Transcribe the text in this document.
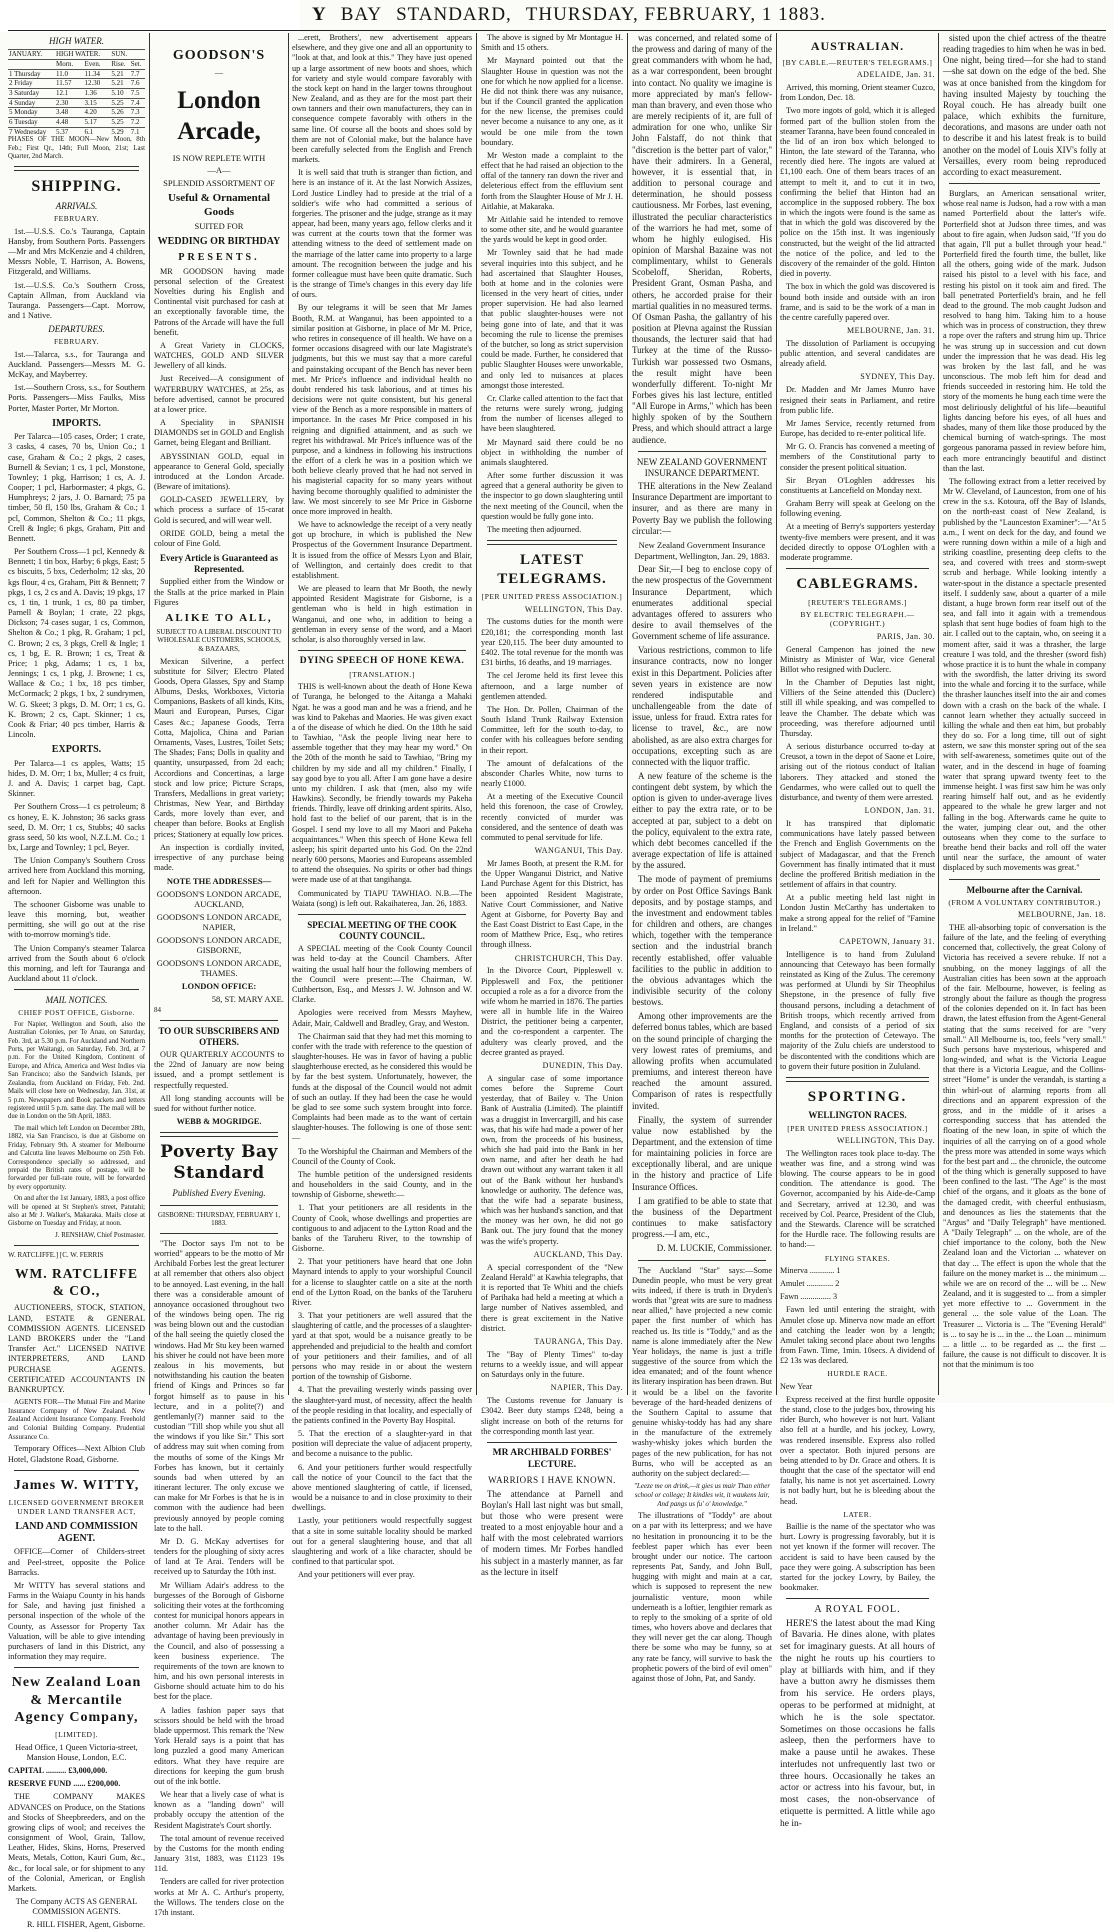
Y BAY STANDARD, THURSDAY, FEBRUARY, 1 1883.
HIGH WATER.
JANUARY.	HIGH WATER.		SUN.	
	Morn.	Even.	Rise.	Set.
1 Thursday	11.0	11.34	5.21	7.7
2 Friday	11.57	12.30	5.21	7.6
3 Saturday	12.1	1.36	5.10	7.5
4 Sunday	2.30	3.15	5.25	7.4
5 Monday	3.48	4.20	5.26	7.3
6 Tuesday	4.48	5.17	5.25	7.2
7 Wednesday	5.37	6.1	5.29	7.1

PHASES OF THE MOON—New Moon, 8th Feb.; First Qr., 14th; Full Moon, 21st; Last Quarter, 2nd March.

SHIPPING.
ARRIVALS.
FEBRUARY.

1st.—U.S.S. Co.'s Tauranga, Captain Hansby, from Southern Ports. Passengers—Mr and Mrs McKenzie and 4 children, Messrs Noble, T. Harrison, A. Bowens, Fitzgerald, and Williams.

1st.—U.S.S. Co.'s Southern Cross, Captain Allman, from Auckland via Tauranga. Passengers—Capt. Morrow, and 1 Native.

DEPARTURES.
FEBRUARY.

1st.—Talarca, s.s., for Tauranga and Auckland. Passengers—Messrs M. G. McKay, and Mayberrey.

1st.—Southern Cross, s.s., for Southern Ports. Passengers—Miss Faulks, Miss Porter, Master Porter, Mr Morton.

IMPORTS.

Per Talarca—105 cases, Order; 1 crate, 3 casks, 4 cases, 70 bs, Union Co.; 1 case, Graham & Co.; 2 pkgs, 2 cases, Burnell & Sevian; 1 cs, 1 pcl, Monstone, Townley; 1 pkg, Harrison; 1 cs, A. J. Cooper; 1 pcl, Harbormaster; 4 pkgs, G. Humphreys; 2 jars, J. O. Barnard; 75 pa timber, 50 fl, 150 lbs, Graham & Co.; 1 pcl, Common, Shelton & Co.; 11 pkgs, Crell & Ingle; 6 pkgs, Graham, Pitt and Bennett.

Per Southern Cross—1 pcl, Kennedy & Bennett; 1 tin box, Harby; 6 pkgs, East; 5 cs biscuits, 5 bxs, Cederholm; 12 sks, 20 kgs flour, 4 cs, Graham, Pitt & Bennett; 7 pkgs, 1 cs, 2 cs and A. Davis; 19 pkgs, 17 cs, 1 tin, 1 trunk, 1 cs, 80 pa timber, Parnell & Boylan; 1 crate, 22 pkgs, Dickson; 74 cases sugar, 1 cs, Common, Shelton & Co.; 1 pkg, R. Graham; 1 pcl, C. Brown; 2 cs, 3 pkgs, Crell & Ingle; 1 cs, 1 bg, E. R. Brown; 1 cs, Treat & Price; 1 pkg, Adams; 1 cs, 1 bx, Jennings; 1 cs, 1 pkg, J. Browne; 1 cs, Wallace & Co.; 1 bx, 18 pcs timber, McCormack; 2 pkgs, 1 bx, 2 sundrymen, W. G. Skeet; 3 pkgs, D. M. Orr; 1 cs, G. K. Brown; 2 cs, Capt. Skinner; 1 cs, Cook & Friar; 40 pcs timber, Harris & Lincoln.

EXPORTS.

Per Talarca—1 cs apples, Watts; 15 hides, D. M. Orr; 1 bx, Muller; 4 cs fruit, J. and A. Davis; 1 carpet bag, Capt. Skinner.

Per Southern Cross—1 cs petroleum; 8 cs honey, E. K. Johnston; 36 sacks grass seed, D. M. Orr; 1 cs, Stubbs; 40 sacks grass seed, 50 kts wool, N.Z.L.M. Co.; 1 bx, Large and Townley; 1 pcl, Beyer.

The Union Company's Southern Cross arrived here from Auckland this morning, and left for Napier and Wellington this afternoon.

The schooner Gisborne was unable to leave this morning, but, weather permitting, she will go out at the rise with to-morrow morning's tide.

The Union Company's steamer Talarca arrived from the South about 6 o'clock this morning, and left for Tauranga and Auckland about 11 o'clock.

MAIL NOTICES.
CHIEF POST OFFICE, Gisborne.

For Napier, Wellington and South, also the Australian Colonies, per Te Anau, on Saturday, Feb. 3rd, at 5.30 p.m. For Auckland and Northern Ports, per Waitangi, on Saturday, Feb. 3rd, at 7 p.m. For the United Kingdom, Continent of Europe, and Africa, America and West Indies via San Francisco; also the Sandwich Islands, per Zealandia, from Auckland on Friday, Feb. 2nd. Mails will close here on Wednesday, Jan. 31st, at 5 p.m. Newspapers and Book packets and letters registered until 5 p.m. same day. The mail will be due in London on the 5th April, 1883.

The mail which left London on December 28th, 1882, via San Francisco, is due at Gisborne on Friday, February 9th. A steamer for Melbourne and Calcutta line leaves Melbourne on 25th Feb. Correspondence specially so addressed, and prepaid the British rates of postage, will be forwarded per full-rate route, will be forwarded by every opportunity.

On and after the 1st January, 1883, a post office will be opened at St Stephen's street, Patutahi; also at Mr J. Walker's, Makaraka. Mails close at Gisborne on Tuesday and Friday, at noon.

J. RENSHAW, Chief Postmaster.

W. RATCLIFFE.] [C. W. FERRIS

WM. RATCLIFFE & CO.,

AUCTIONEERS, STOCK, STATION, LAND, ESTATE & GENERAL COMMISSION AGENTS. LICENSED LAND BROKERS under the "Land Transfer Act." LICENSED NATIVE INTERPRETERS, AND LAND PURCHASE AGENTS. CERTIFICATED ACCOUNTANTS IN BANKRUPTCY.

AGENTS FOR—The Mutual Fire and Marine Insurance Company of New Zealand. New Zealand Accident Insurance Company. Freehold and Colonial Building Company. Prudential Assurance Co.

Temporary Offices—Next Albion Club Hotel, Gladstone Road, Gisborne.

James W. WITTY,
LICENSED GOVERNMENT BROKER UNDER LAND TRANSFER ACT,
LAND AND COMMISSION AGENT.

OFFICE—Corner of Childers-street and Peel-street, opposite the Police Barracks.

Mr WITTY has several stations and Farms in the Waiapu County in his hands for Sale, and having just finished a personal inspection of the whole of the County, as Assessor for Property Tax Valuation, will be able to give intending purchasers of land in this District, any information they may require.

New Zealand Loan & Mercantile Agency Company,
[LIMITED].

Head Office, 1 Queen Victoria-street, Mansion House, London, E.C.

CAPITAL .......... £3,000,000.

RESERVE FUND ...... £200,000.

THE COMPANY MAKES ADVANCES on Produce, on the Stations and Stocks of Sheepbreeders, and on the growing clips of wool; and receives the consignment of Wool, Grain, Tallow, Leather, Hides, Skins, Horns, Preserved Meats, Metals, Cotton, Kauri Gum, &c., &c., for local sale, or for shipment to any of the Colonial, American, or English Markets.

The Company ACTS AS GENERAL COMMISSION AGENTS.

R. HILL FISHER, Agent, Gisborne.

GOODSON'S
—
London Arcade,
IS NOW REPLETE WITH
—A—
SPLENDID ASSORTMENT OF
Useful & Ornamental Goods
SUITED FOR
WEDDING OR BIRTHDAY
PRESENTS.

MR GOODSON having made personal selection of the Greatest Novelties during his English and Continental visit purchased for cash at an exceptionally favorable time, the Patrons of the Arcade will have the full benefit.

A Great Variety in CLOCKS, WATCHES, GOLD AND SILVER Jewellery of all kinds.

Just Received—A consignment of WATERBURY WATCHES, at 25s, as before advertised, cannot be procured at a lower price.

A Speciality in SPANISH DIAMONDS set in GOLD and English Garnet, being Elegant and Brilliant.

ABYSSINIAN GOLD, equal in appearance to General Gold, specially introduced at the London Arcade. (Beware of imitations).

GOLD-CASED JEWELLERY, by which process a surface of 15-carat Gold is secured, and will wear well.

ORIDE GOLD, being a metal the colour of Fine Gold.

Every Article is Guaranteed as Represented.

Supplied either from the Window or the Stalls at the price marked in Plain Figures

ALIKE TO ALL,

SUBJECT TO A LIBERAL DISCOUNT TO WHOLESALE CUSTOMERS, SCHOOLS, & BAZAARS,

Mexican Silverine, a perfect substitute for Silver; Electro Plated Goods, Opera Glasses, Spy and Stamp Albums, Desks, Workboxes, Victoria Companions, Baskets of all kinds, Kits, Mauri and European, Purses, Cigar Cases &c.; Japanese Goods, Terra Cotta, Majolica, China and Parian Ornaments, Vases, Lustres, Toilet Sets; The Shades; Fans; Dolls in quality and quantity, unsurpassed, from 2d each; Accordions and Concertinas, a large stock and low price; Picture Scraps, Transfers, Medallions in great variety; Christmas, New Year, and Birthday Cards, more lovely than ever, and cheaper than before. Books at English prices; Stationery at equally low prices.

An inspection is cordially invited, irrespective of any purchase being made.

NOTE THE ADDRESSES—
GOODSON'S LONDON ARCADE, AUCKLAND,
GOODSON'S LONDON ARCADE, NAPIER,
GOODSON'S LONDON ARCADE, GISBORNE,
GOODSON'S LONDON ARCADE, THAMES.
LONDON OFFICE:
58, ST. MARY AXE.
84
TO OUR SUBSCRIBERS AND OTHERS.

OUR QUARTERLY ACCOUNTS to the 22nd of January are now being issued, and a prompt settlement is respectfully requested.

All long standing accounts will be sued for without further notice.

WEBB & MOGRIDGE.

Poverty Bay Standard
Published Every Evening.
GISBORNE: THURSDAY, FEBRUARY 1, 1883.

"The Doctor says I'm not to be worried" appears to be the motto of Mr Archibald Forbes lest the great lecturer at all remember that others also object to be annoyed. Last evening, in the hall there was a considerable amount of annoyance occasioned throughout two of the windows being open. The rig was being blown out and the custodian of the hall seeing the quietly closed the windows. Had Mr Stu key been warned his shiver he could not have been more zealous in his movements, but notwithstanding his caution the beaten friend of Kings and Princes so far forgot himself as to pause in his lecture, and in a polite(?) and gentlemanly(?) manner said to the custodian "Till shop while you shut all the windows if you like Sir." This sort of address may suit when coming from the mouths of some of the Kings Mr Forbes has known, but it certainly sounds bad when uttered by an itinerant lecturer. The only excuse we can make for Mr Forbes is that he is in common with the audience had been previously annoyed by people coming late to the hall.

Mr D. G. McKay advertises for tenders for the ploughing of sixty acres of land at Te Arai. Tenders will be received up to Saturday the 10th inst.

Mr William Adair's address to the burgesses of the Borough of Gisborne soliciting their votes at the forthcoming contest for municipal honors appears in another column. Mr Adair has the advantage of having been previously in the Council, and also of possessing a keen business experience. The requirements of the town are known to him, and his own personal interests in Gisborne should actuate him to do his best for the place.

A ladies fashion paper says that scissors should be held with the broad blade uppermost. This remark the 'New York Herald' says is a point that has long puzzled a good many American editors. What they have require are directions for keeping the gum brush out of the ink bottle.

We hear that a lively case of what is known as a "landing down" will probably occupy the attention of the Resident Magistrate's Court shortly.

The total amount of revenue received by the Customs for the month ending January 31st, 1883, was £1123 19s 11d.

Tenders are called for river protection works at Mr A. C. Arthur's property, the Willows. The tenders close on the 17th instant.

...erett, Brothers', new advertisement appears elsewhere, and they give one and all an opportunity to "look at that, and look at this." They have just opened up a large assortment of new boots and shoes, which for variety and style would compare favorably with the stock kept on hand in the larger towns throughout New Zealand, and as they are for the most part their own tanners and their own manufacturers, they can in consequence compete favorably with others in the same line. Of course all the boots and shoes sold by them are not of Colonial make, but the balance have been carefully selected from the English and French markets.

It is well said that truth is stranger than fiction, and here is an instance of it. At the last Norwich Assizes, Lord Justice Lindley had to preside at the trial of a soldier's wife who had committed a serious of forgeries. The prisoner and the judge, strange as it may appear, had been, many years ago, fellow clerks and it was current at the courts town that the former was attending witness to the deed of settlement made on the marriage of the latter came into property to a large amount. The recognition between the judge and his former colleague must have been quite dramatic. Such is the strange of Time's changes in this every day life of ours.

By our telegrams it will be seen that Mr James Booth, R.M. at Wanganui, has been appointed to a similar position at Gisborne, in place of Mr M. Price, who retires in consequence of ill health. We have on a former occasions disagreed with our late Magistrate's judgments, but this we must say that a more careful and painstaking occupant of the Bench has never been met. Mr Price's influence and individual health no doubt rendered his task laborious, and at times his decisions were not quite consistent, but his general view of the Bench as a more responsible in matters of importance. In the cases Mr Price composed in his reigning and dignified attainment, and as such we regret his withdrawal. Mr Price's influence was of the purpose, and a kindness in following his instructions the effort of a clerk he was in a position which we both believe clearly proved that he had not served in his magisterial capacity for so many years without having become thoroughly qualified to administer the law. We most sincerely to see Mr Price in Gisborne once more improved in health.

We have to acknowledge the receipt of a very neatly got up brochure, in which is published the New Prospectus of the Government Insurance Department. It is issued from the office of Messrs Lyon and Blair, of Wellington, and certainly does credit to that establishment.

We are pleased to learn that Mr Booth, the newly appointed Resident Magistrate for Gisborne, is a gentleman who is held in high estimation in Wanganui, and one who, in addition to being a gentleman in every sense of the word, and a Maori scholar, is also thoroughly versed in law.

DYING SPEECH OF HONE KEWA.
[TRANSLATION.]

THIS is well-known about the death of Hone Kewa of Turanga, he belonged to the Aitanga a Mahaki Ngat. he was a good man and he was a friend, and he was kind to Pakehas and Maories. He was given exact a of the disease of which he died. On the 18th he said to Tawhiao, "Ask the people living near here to assemble together that they may hear my word." On the 20th of the month he said to Tawhiao, "Bring my children by my side and all my children." Finally, I say good bye to you all. After I am gone have a desire unto my children. I ask that (men, also my wife Hawkins). Secondly, be friendly towards my Pakeha friends. Thirdly, leave off drinking ardent spirits. Also, hold fast to the belief of our parent, that is in the Gospel. I send my love to all my Maori and Pakeha acquaintances." When this speech of Hone Kewa fell asleep; his spirit departed unto his God. On the 22nd nearly 600 persons, Maories and Europeans assembled to attend the obsequies. No spirits or other bad things were made use of at that tangihanga.

Communicated by TIAPU TAWHIAO. N.B.—The Waiata (song) is left out. Rakaihaterea, Jan. 26, 1883.

SPECIAL MEETING OF THE COOK COUNTY COUNCIL.

A SPECIAL meeting of the Cook County Council was held to-day at the Council Chambers. After waiting the usual half hour the following members of the Council were present:—The Chairman, W. Cuthbertson, Esq., and Messrs J. W. Johnson and W. Clarke.

Apologies were received from Messrs Mayhew, Adair, Mair, Caldwell and Bradley, Gray, and Weston.

The Chairman said that they had met this morning to confer with the trade with reference to the question of slaughter-houses. He was in favor of having a public slaughterhouse erected, as he considered this would be by far the best system. Unfortunately, however, the funds at the disposal of the Council would not admit of such an outlay. If they had been the case he would be glad to see some such system brought into force. Complaints had been made as to the want of certain slaughter-houses. The following is one of those sent:—

To the Worshipful the Chairman and Members of the Council of the County of Cook.

The humble petition of the undersigned residents and householders in the said County, and in the township of Gisborne, sheweth:—

1. That your petitioners are all residents in the County of Cook, whose dwellings and properties are contiguous to and adjacent to the Lytton Road and the banks of the Taruheru River, to the township of Gisborne.

2. That your petitioners have heard that one John Maynard intends to apply to your worshipful Council for a license to slaughter cattle on a site at the north end of the Lytton Road, on the banks of the Taruheru River.

3. That your petitioners are well assured that the slaughtering of cattle, and the processes of a slaughter-yard at that spot, would be a nuisance greatly to be apprehended and prejudicial to the health and comfort of your petitioners and their families, and of all persons who may reside in or about the western portion of the township of Gisborne.

4. That the prevailing westerly winds passing over the slaughter-yard must, of necessity, affect the health of the people residing in that locality, and especially of the patients confined in the Poverty Bay Hospital.

5. That the erection of a slaughter-yard in that position will depreciate the value of adjacent property, and become a nuisance to the public.

6. And your petitioners further would respectfully call the notice of your Council to the fact that the above mentioned slaughtering of cattle, if licensed, would be a nuisance to and in close proximity to their dwellings.

Lastly, your petitioners would respectfully suggest that a site in some suitable locality should be marked out for a general slaughtering house, and that all slaughtering and work of a like character, should be confined to that particular spot.

And your petitioners will ever pray.

The above is signed by Mr Montague H. Smith and 15 others.

Mr Maynard pointed out that the Slaughter House in question was not the one for which he now applied for a license. He did not think there was any nuisance, but if the Council granted the application for the new license, the premises could never become a nuisance to any one, as it would be one mile from the town boundary.

Mr Weston made a complaint to the effect that he had raised an objection to the offal of the tannery ran down the river and deleterious effect from the effluvium sent forth from the Slaughter House of Mr J. H. Aitlahie, at Makaraka.

Mr Aitlahie said he intended to remove to some other site, and he would guarantee the yards would be kept in good order.

Mr Townley said that he had made several inquiries into this subject, and he had ascertained that Slaughter Houses, both at home and in the colonies were licensed in the very heart of cities, under proper supervision. He had also learned that public slaughter-houses were not being gone into of late, and that it was becoming the rule to license the premises of the butcher, so long as strict supervision could be made. Further, he considered that public Slaughter Houses were unworkable, and only led to nuisances at places amongst those interested.

Cr. Clarke called attention to the fact that the returns were surely wrong, judging from the number of licenses alleged to have been slaughtered.

Mr Maynard said there could be no object in withholding the number of animals slaughtered.

After some further discussion it was agreed that a general authority be given to the inspector to go down slaughtering until the next meeting of the Council, when the question would be fully gone into.

The meeting then adjourned.

LATEST TELEGRAMS.
[PER UNITED PRESS ASSOCIATION.]
WELLINGTON, This Day.

The customs duties for the month were £20,181; the corresponding month last year £20,115. The beer duty amounted to £402. The total revenue for the month was £31 births, 16 deaths, and 19 marriages.

The cel Jerome held its first levee this afternoon, and a large number of gentlemen attended.

The Hon. Dr. Pollen, Chairman of the South Island Trunk Railway Extension Committee, left for the south to-day, to confer with his colleagues before sending in their report.

The amount of defalcations of the absconder Charles White, now turns to nearly £1000.

At a meeting of the Executive Council held this forenoon, the case of Crowley, recently convicted of murder was considered, and the sentence of death was commuted to penal servitude for life.

WANGANUI, This Day.

Mr James Booth, at present the R.M. for the Upper Wanganui District, and Native Land Purchase Agent for this District, has been appointed Resident Magistrate, Native Court Commissioner, and Native Agent at Gisborne, for Poverty Bay and the East Coast District to East Cape, in the room of Matthew Price, Esq., who retires through illness.

CHRISTCHURCH, This Day.

In the Divorce Court, Pippleswell v. Pippleswell and Fox, the petitioner occupied a role as a for a divorce from the wife whom he married in 1876. The parties were all in humble life in the Waireo District, the petitioner being a carpenter, and the co-respondent a carpenter. The adultery was clearly proved, and the decree granted as prayed.

DUNEDIN, This Day.

A singular case of some importance comes before the Supreme Court yesterday, that of Bailey v. The Union Bank of Australia (Limited). The plaintiff was a druggist in Invercargill, and his case was, that his wife had made a power of her own, from the proceeds of his business, which she had paid into the Bank in her own name, and after her death he had drawn out without any warrant taken it all out of the Bank without her husband's knowledge or authority. The defence was, that the wife had a separate business, which was her husband's sanction, and that the money was her own, he did not go Bank out. The jury found that the money was the wife's property.

AUCKLAND, This Day.

A special correspondent of the "New Zealand Herald" at Kawhia telegraphs, that it is reported that Te Whiti and the chiefs of Parihaka had held a meeting at which a large number of Natives assembled, and there is great excitement in the Native district.

TAURANGA, This Day.

The "Bay of Plenty Times" to-day returns to a weekly issue, and will appear on Saturdays only in the future.

NAPIER, This Day.

The Customs revenue for January is £3042. Beer duty stamps £248, being a slight increase on both of the returns for the corresponding month last year.

MR ARCHIBALD FORBES' LECTURE.
WARRIORS I HAVE KNOWN.

The attendance at Parnell and Boylan's Hall last night was but small, but those who were present were treated to a most enjoyable hour and a half with the most celebrated warriors of modern times. Mr Forbes handled his subject in a masterly manner, as far as the lecture in itself

was concerned, and related some of the prowess and daring of many of the great commanders with whom he had, as a war correspondent, been brought into contact. No quality we imagine is more appreciated by man's fellow-man than bravery, and even those who are merely recipients of it, are full of admiration for one who, unlike Sir John Falstaff, do not think that "discretion is the better part of valor," have their admirers. In a General, however, it is essential that, in addition to personal courage and determination, he should possess cautiousness. Mr Forbes, last evening, illustrated the peculiar characteristics of the warriors he had met, some of whom he highly eulogised. His opinion of Marshal Bazaine was not complimentary, whilst to Generals Scobeloff, Sheridan, Roberts, President Grant, Osman Pasha, and others, he accorded praise for their martial qualities in no measured terms. Of Osman Pasha, the gallantry of his position at Plevna against the Russian thousands, the lecturer said that had Turkey at the time of the Russo-Turkish war possessed two Osmans, the result might have been wonderfully different. To-night Mr Forbes gives his last lecture, entitled "All Europe in Arms," which has been highly spoken of by the Southern Press, and which should attract a large audience.

NEW ZEALAND GOVERNMENT INSURANCE DEPARTMENT.

THE alterations in the New Zealand Insurance Department are important to insurer, and as there are many in Poverty Bay we publish the following circular:—

New Zealand Government Insurance Department, Wellington, Jan. 29, 1883.

Dear Sir,—I beg to enclose copy of the new prospectus of the Government Insurance Department, which enumerates additional special advantages offered to assurers who desire to avail themselves of the Government scheme of life assurance.

Various restrictions, common to life insurance contracts, now no longer exist in this Department. Policies after seven years in existence are now rendered indisputable and unchallengeable from the date of issue, unless for fraud. Extra rates for license to travel, &c., are now abolished, as are also extra charges for occupations, excepting such as are connected with the liquor traffic.

A new feature of the scheme is the contingent debt system, by which the option is given to under-average lives either to pay the extra rate, or to be accepted at par, subject to a debt on the policy, equivalent to the extra rate, which debt becomes cancelled if the average expectation of life is attained by the assured.

The mode of payment of premiums by order on Post Office Savings Bank deposits, and by postage stamps, and the investment and endowment tables for children and others, are changes which, together with the temperance section and the industrial branch recently established, offer valuable facilities to the public in addition to the obvious advantages which the indivisible security of the colony bestows.

Among other improvements are the deferred bonus tables, which are based on the sound principle of charging the very lowest rates of premiums, and allowing profits when accumulated premiums, and interest thereon have reached the amount assured. Comparison of rates is respectfully invited.

Finally, the system of surrender value now established by the Department, and the extension of time for maintaining policies in force are exceptionally liberal, and are unique in the history and practice of Life Insurance Offices.

I am gratified to be able to state that the business of the Department continues to make satisfactory progress.—I am, etc.,

D. M. LUCKIE, Commissioner.

The Auckland "Star" says:—Some Dunedin people, who must be very great wits indeed, if there is truth in Dryden's words that "great wits are sure to madness near allied," have projected a new comic paper the first number of which has reached us. Its title is "Toddy," and as the name is alone immediately after the New Year holidays, the name is just a trifle suggestive of the source from which the idea emanated; and of the fount whence its literary inspiration has been drawn. But it would be a libel on the favorite beverage of the hard-headed denizens of the Southern Capital to assume that genuine whisky-toddy has had any share in the manufacture of the extremely washy-whisky jokes which burden the pages of the new publication, for has not Burns, who will be accepted as an authority on the subject declared:—

"Leeze me on drink,—it gies us mair Than either school or college; It kindles wit, it waukens lair, And pangs us fu' o' knowledge."

The illustrations of "Toddy" are about on a par with its letterpress; and we have no hesitation in pronouncing it to be the feeblest paper which has ever been brought under our notice. The cartoon represents Pat, Sandy, and John Bull, hugging with might and main at a car, which is supposed to represent the new journalistic venture, moon while underneath is a loftier, lengthier remark as to reply to the smoking of a sprite of old times, who hovers above and declares that they will never get the car along. Though there be some who may be funny, so at any rate be fancy, will survive to bask the prophetic powers of the bird of evil omen" against those of John, Pat, and Sandy.

AUSTRALIAN.
[BY CABLE.—REUTER'S TELEGRAMS.]
ADELAIDE, Jan. 31.

Arrived, this morning, Orient steamer Cuzco, from London, Dec. 18.

Two more ingots of gold, which it is alleged formed part of the bullion stolen from the steamer Taranna, have been found concealed in the lid of an iron box which belonged to Hinton, the late steward of the Taranna, who recently died here. The ingots are valued at £1,100 each. One of them bears traces of an attempt to melt it, and to cut it in two, confirming the belief that Hinton had an accomplice in the supposed robbery. The box in which the ingots were found is the same as that in which the gold was discovered by the police on the 15th inst. It was ingeniously constructed, but the weight of the lid attracted the notice of the police, and led to the discovery of the remainder of the gold. Hinton died in poverty.

The box in which the gold was discovered is bound both inside and outside with an iron frame, and is said to be the work of a man in the centre carefully papered over.

MELBOURNE, Jan. 31.

The dissolution of Parliament is occupying public attention, and several candidates are already afield.

SYDNEY, This Day.

Dr. Madden and Mr James Munro have resigned their seats in Parliament, and retire from public life.

Mr James Service, recently returned from Europe, has decided to re-enter political life.

Mr G. O. Francis has convened a meeting of members of the Constitutional party to consider the present political situation.

Sir Bryan O'Loghlen addresses his constituents at Lancefield on Monday next.

Graham Berry will speak at Geelong on the following evening.

At a meeting of Berry's supporters yesterday twenty-five members were present, and it was decided directly to oppose O'Loghlen with a moderate programme.

CABLEGRAMS.
[REUTER'S TELEGRAMS.]
BY ELECTRIC TELEGRAPH.—(COPYRIGHT.)
PARIS, Jan. 30.

General Campenon has joined the new Ministry as Minister of War, vice General Billot who resigned with Duclerc.

In the Chamber of Deputies last night, Villiers of the Seine attended this (Duclerc) still ill while speaking, and was compelled to leave the Chamber. The debate which was proceeding, was therefore adjourned until Thursday.

A serious disturbance occurred to-day at Creusot, a town in the depot of Saone et Loire, arising out of the riotous conduct of Italian laborers. They attacked and stoned the Gendarmes, who were called out to quell the disturbance, and twenty of them were arrested.

LONDON, Jan. 31.

It has transpired that diplomatic communications have lately passed between the French and English Governments on the subject of Madagascar, and that the French Government has finally intimated that it must decline the proffered British mediation in the settlement of affairs in that country.

At a public meeting held last night in London Justin McCarthy has undertaken to make a strong appeal for the relief of "Famine in Ireland."

CAPETOWN, January 31.

Intelligence is to hand from Zululand announcing that Cetewayo has been formally reinstated as King of the Zulus. The ceremony was performed at Ulundi by Sir Theophilus Shepstone, in the presence of fully five thousand persons, including a detachment of British troops, which recently arrived from England, and consists of a period of six months for the protection of Cetewayo. The majority of the Zulu chiefs are understood to be discontented with the conditions which are to govern their future position in Zululand.

SPORTING.
WELLINGTON RACES.
[PER UNITED PRESS ASSOCIATION.]
WELLINGTON, This Day.

The Wellington races took place to-day. The weather was fine, and a strong wind was blowing. The course appears to be in good condition. The attendance is good. The Governor, accompanied by his Aide-de-Camp and Secretary, arrived at 12.30, and was received by Col. Pearce, President of the Club, and the Stewards. Clarence will be scratched for the Hurdle race. The following results are to hand:—

FLYING STAKES.

Minerva ............ 1

Amulet ............. 2

Fawn ............... 3

Fawn led until entering the straight, with Amulet close up. Minerva now made an effort and catching the leader won by a length; Amulet taking second place about two lengths from Fawn. Time, 1min. 10secs. A dividend of £2 13s was declared.

HURDLE RACE.

New Year

Express received at the first hurdle opposite the stand, close to the judges box, throwing his rider Burch, who however is not hurt. Valiant also fell at a hurdle, and his jockey, Lowry, was rendered insensible. Express also rolled over a spectator. Both injured persons are being attended to by Dr. Grace and others. It is thought that the case of the spectator will end fatally, his name is not yet ascertained. Lowry is not badly hurt, but he is bleeding about the head.

LATER.

Baillie is the name of the spectator who was hurt. Lowry is progressing favorably, but it is not yet known if the former will recover. The accident is said to have been caused by the pace they were going. A subscription has been started for the jockey Lowry, by Bailey, the bookmaker.

A ROYAL FOOL.

HERE'S the latest about the mad King of Bavaria. He dines alone, with plates set for imaginary guests. At all hours of the night he routs up his courtiers to play at billiards with him, and if they have a button awry he dismisses them from his service. He orders plays, operas to be performed at midnight, at which he is the sole spectator. Sometimes on those occasions he falls asleep, then the performers have to make a pause until he awakes. These interludes not unfrequently last two or three hours. Occasionally he takes an actor or actress into his favour, but, in most cases, the non-observance of etiquette is permitted. A little while ago he in-

sisted upon the chief actress of the theatre reading tragedies to him when he was in bed. One night, being tired—for she had to stand—she sat down on the edge of the bed. She was at once banished from the kingdom for having insulted Majesty by touching the Royal couch. He has already built one palace, which exhibits the furniture, decorations, and masons are under oath not to describe it and his latest freak is to build another on the model of Louis XIV's folly at Versailles, every room being reproduced according to exact measurement.

Burglars, an American sensational writer, whose real name is Judson, had a row with a man named Porterfield about the latter's wife. Porterfield shot at Judson three times, and was about to fire again, when Judson said, "If you do that again, I'll put a bullet through your head." Porterfield fired the fourth time, the bullet, like all the others, going wide of the mark. Judson raised his pistol to a level with his face, and resting his pistol on it took aim and fired. The ball penetrated Porterfield's brain, and he fell dead to the ground. The mob caught Judson and resolved to hang him. Taking him to a house which was in process of construction, they threw a rope over the rafters and strung him up. Thrice he was strung up in succession and cut down under the impression that he was dead. His leg was broken by the last fall, and he was unconscious. The mob left him for dead and friends succeeded in restoring him. He told the story of the moments he hung each time were the most deliriously delightful of his life—beautiful lights dancing before his eyes, of all hues and shades, many of them like those produced by the chemical burning of watch-springs. The most gorgeous panorama passed in review before him, each more entrancingly beautiful and distinct than the last.

The following extract from a letter received by Mr W. Cleveland, of Launceston, from one of his crew in the s.s. Kotoura, off the Bay of Islands, on the north-east coast of New Zealand, is published by the "Launceston Examiner":—"At 5 a.m., I went on deck for the day, and found we were running down within a mile of a high and striking coastline, presenting deep clefts to the sea, and covered with trees and storm-swept scrub and herbage. While looking intently a water-spout in the distance a spectacle presented itself. I suddenly saw, about a quarter of a mile distant, a huge brown form rear itself out of the sea, and fall into it again with a tremendous splash that sent huge bodies of foam high to the air. I called out to the captain, who, on seeing it a moment after, said it was a thrasher, the large creature I was told, and the thresher (sword fish) whose practice it is to hunt the whale in company with the swordfish, the latter driving its sword into the whale and forcing it to the surface, while the thrasher launches itself into the air and comes down with a crash on the back of the whale. I cannot learn whether they actually succeed in killing the whale and then eat him, but probably they do so. For a long time, till out of sight astern, we saw this monster spring out of the sea with self-awareness, sometimes quite out of the water, and in the descend in huge of foaming water that sprang upward twenty feet to the immense height. I was first saw him he was only rearing himself half out, and as he evidently appeared to the whale he grew larger and not falling in the bog. Afterwards came he quite to the water, jumping clear out, and the other outoseans when they come to the surface to breathe bend their backs and roll off the water until near the surface, the amount of water displaced by such movements was great."

Melbourne after the Carnival.
(FROM A VOLUNTARY CONTRIBUTOR.)
MELBOURNE, Jan. 18.

THE all-absorbing topic of conversation is the failure of the late, and the feeling of everything concerned that, collectively, the great Colony of Victoria has received a severe rebuke. If not a snubbing, on the money laggings of all the Australian cities has been sown at the approach of the fair. Melbourne, however, is feeling as strongly about the failure as though the progress of the colonies depended on it. In fact has been drawn, the latest effusion from the Agent-General stating that the sums received for are "very small." All Melbourne is, too, feels "very small." Such persons have mysterious, whispered and long-winded, and what is the Victoria League that there is a Victoria League, and the Collins-street "Home" is under the verandah, is starting a thin whirl-out of alarming reports from all directions and an apparent expression of the gross, and in the middle of it arises a corresponding success that has attended the floating of the new loan, in spite of which the inquiries of all the carrying on of a good whole the press more was attended in some ways which for the best part and ... the chronicle, the outcome of the thing which is generally supposed to have been confined to the last. "The Age" is the most chief of the organs, and it gloats as the bone of the damaged credit, with cheerful enthusiasm, and denounces as lies the statements that the "Argus" and "Daily Telegraph" have mentioned. A "Daily Telegraph" ... on the whole, are of the chief importance to the colony, both the New Zealand loan and the Victorian ... whatever on that day ... The effect is upon the whole that the failure on the money market is ... the minimum ... while we are on record of the ... will be ... New Zealand, and it is suggested to ... from a simpler yet more effective to ... Government in the general ... the sole value of the Loan. The Treasurer ... Victoria is ... The "Evening Herald" is ... to say he is ... in the ... the Loan ... minimum ... a little ... to be regarded as ... the first ... failure, the cause is not difficult to discover. It is not that the minimum is too
